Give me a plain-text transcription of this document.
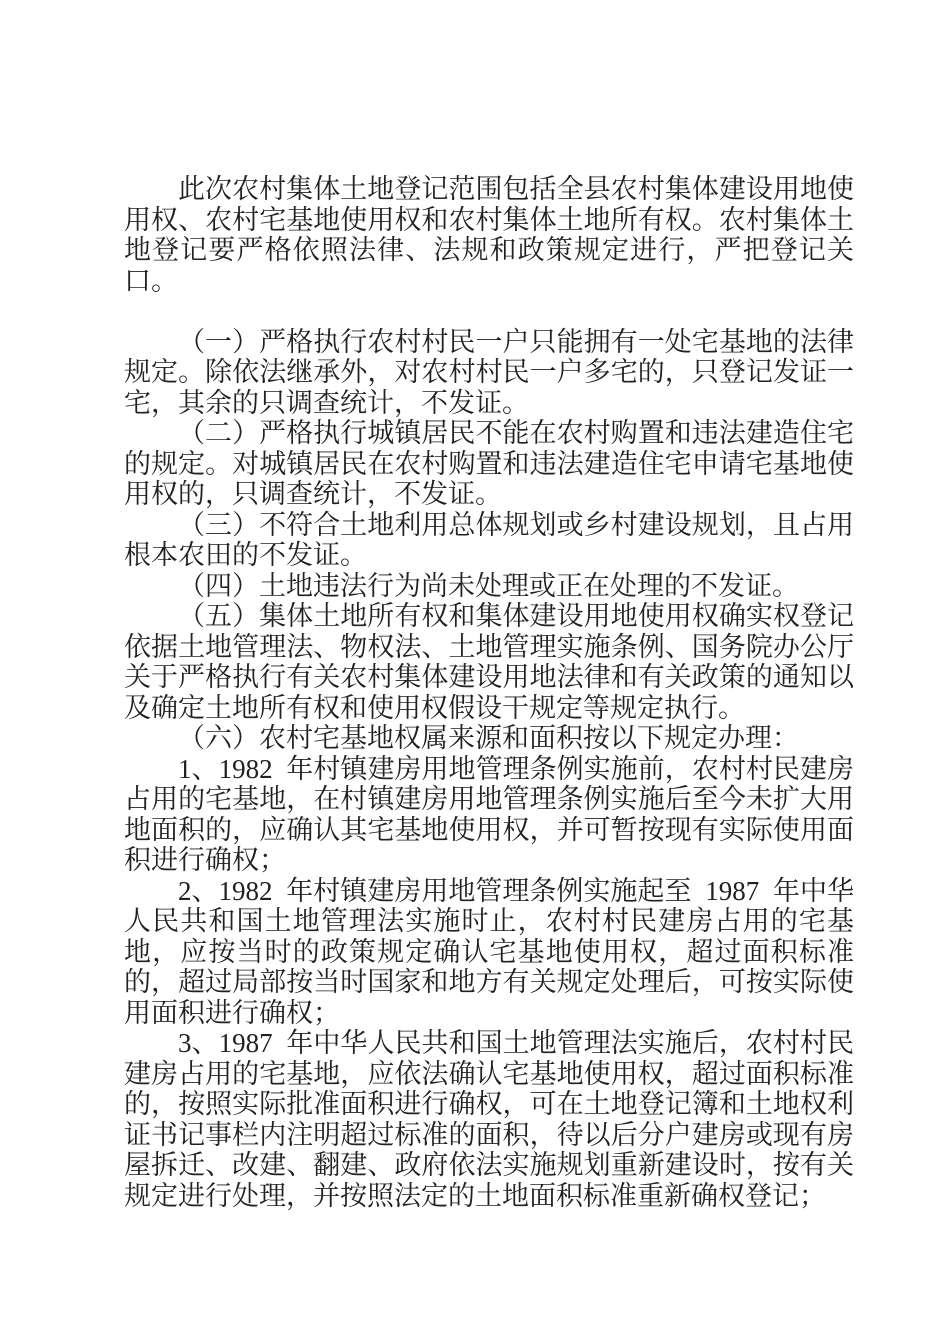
此次农村集体土地登记范围包括全县农村集体建设用地使用权、农村宅基地使用权和农村集体土地所有权。农村集体土地登记要严格依照法律、法规和政策规定进行，严把登记关口。

（一）严格执行农村村民一户只能拥有一处宅基地的法律规定。除依法继承外，对农村村民一户多宅的，只登记发证一宅，其余的只调查统计，不发证。

（二）严格执行城镇居民不能在农村购置和违法建造住宅的规定。对城镇居民在农村购置和违法建造住宅申请宅基地使用权的，只调查统计，不发证。

（三）不符合土地利用总体规划或乡村建设规划，且占用根本农田的不发证。

（四）土地违法行为尚未处理或正在处理的不发证。

（五）集体土地所有权和集体建设用地使用权确实权登记依据土地管理法、物权法、土地管理实施条例、国务院办公厅关于严格执行有关农村集体建设用地法律和有关政策的通知以及确定土地所有权和使用权假设干规定等规定执行。

（六）农村宅基地权属来源和面积按以下规定办理：

1、1982 年村镇建房用地管理条例实施前，农村村民建房占用的宅基地，在村镇建房用地管理条例实施后至今未扩大用地面积的，应确认其宅基地使用权，并可暂按现有实际使用面积进行确权；

2、1982 年村镇建房用地管理条例实施起至 1987 年中华人民共和国土地管理法实施时止，农村村民建房占用的宅基地，应按当时的政策规定确认宅基地使用权，超过面积标准的，超过局部按当时国家和地方有关规定处理后，可按实际使用面积进行确权；

3、1987 年中华人民共和国土地管理法实施后，农村村民建房占用的宅基地，应依法确认宅基地使用权，超过面积标准的，按照实际批准面积进行确权，可在土地登记簿和土地权利证书记事栏内注明超过标准的面积，待以后分户建房或现有房屋拆迁、改建、翻建、政府依法实施规划重新建设时，按有关规定进行处理，并按照法定的土地面积标准重新确权登记；
